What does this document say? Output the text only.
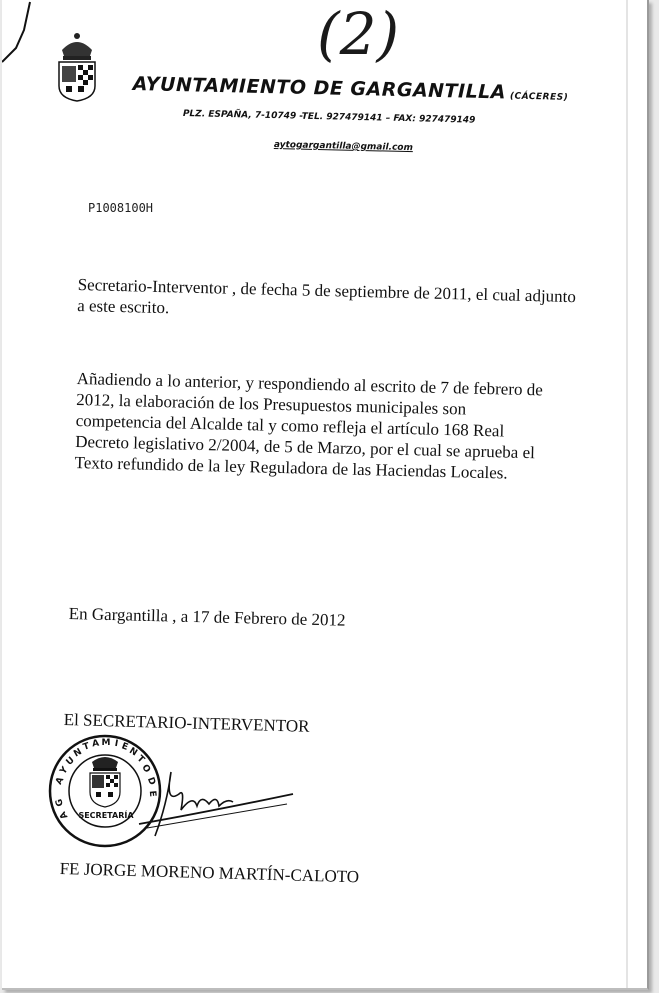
(2)
AYUNTAMIENTO DE GARGANTILLA (CÁCERES)
PLZ. ESPAÑA, 7-10749 -TEL. 927479141 – FAX: 927479149
aytogargantilla@gmail.com
P1008100H
Secretario-Interventor , de fecha 5 de septiembre de 2011, el cual adjunto a este escrito.
Añadiendo a lo anterior, y respondiendo al escrito de 7 de febrero de 2012, la elaboración de los Presupuestos municipales son competencia del Alcalde tal y como refleja el artículo 168 Real Decreto legislativo 2/2004, de 5 de Marzo, por el cual se aprueba el Texto refundido de la ley Reguladora de las Haciendas Locales.
En Gargantilla , a 17 de Febrero de 2012
El SECRETARIO-INTERVENTOR
A
Y
U
N
T A M I E
N
T
O
D
E
G
A SECRETARÍA
FE JORGE MORENO MARTÍN-CALOTO
